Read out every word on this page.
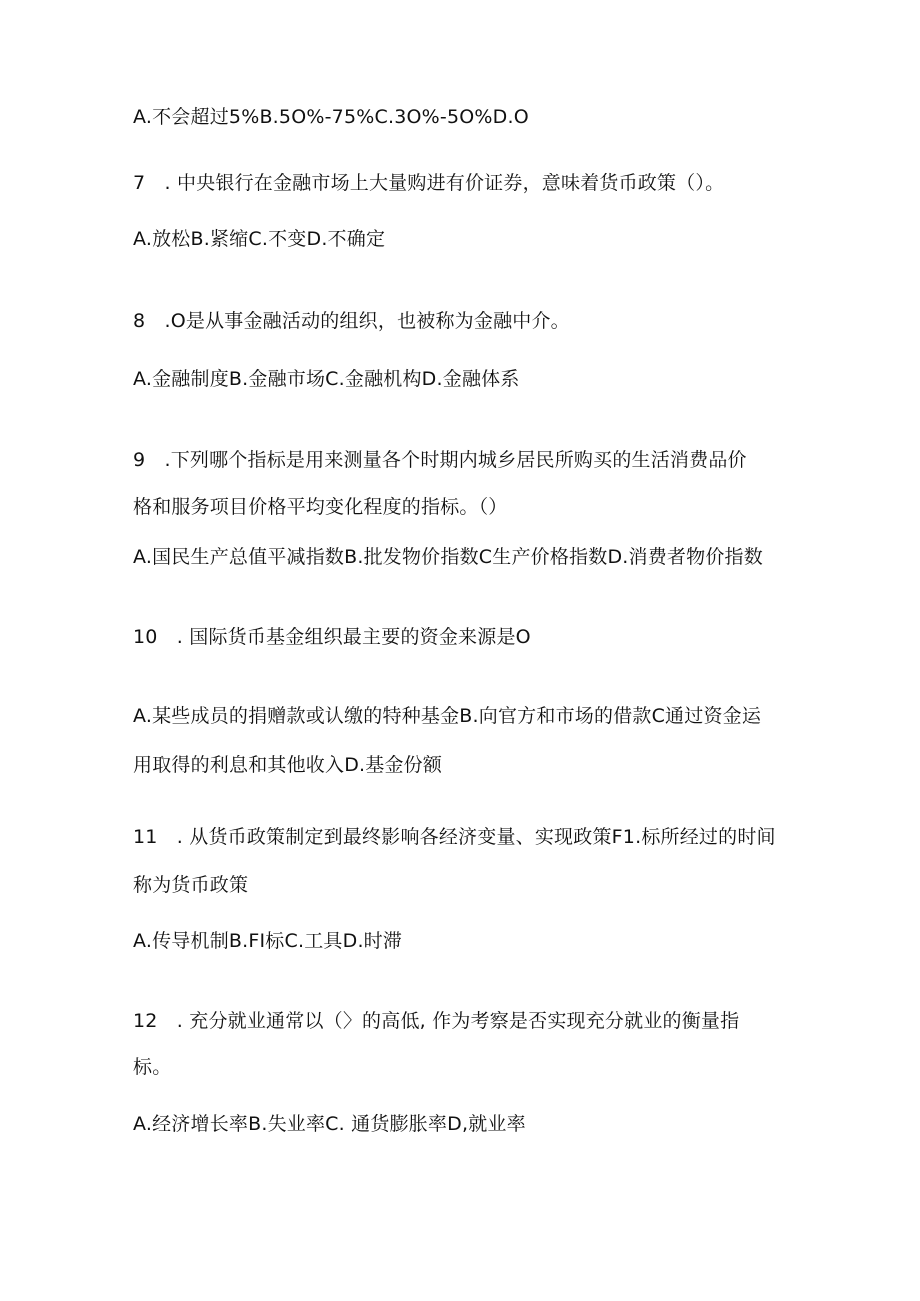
A.不会超过5%B.5O%-75%C.3O%-5O%D.O
7　. 中央银行在金融市场上大量购进有价证券，意味着货币政策（）。
A.放松B.紧缩C.不变D.不确定
8　.O是从事金融活动的组织，也被称为金融中介。
A.金融制度B.金融市场C.金融机构D.金融体系
9　.下列哪个指标是用来测量各个时期内城乡居民所购买的生活消费品价
格和服务项目价格平均变化程度的指标。（）
A.国民生产总值平减指数B.批发物价指数C生产价格指数D.消费者物价指数
10　. 国际货币基金组织最主要的资金来源是O
A.某些成员的捐赠款或认缴的特种基金B.向官方和市场的借款C通过资金运
用取得的利息和其他收入D.基金份额
11　. 从货币政策制定到最终影响各经济变量、实现政策F1.标所经过的时间
称为货币政策
A.传导机制B.FI标C.工具D.时滞
12　. 充分就业通常以（〉的高低, 作为考察是否实现充分就业的衡量指
标。
A.经济增长率B.失业率C. 通货膨胀率D,就业率
